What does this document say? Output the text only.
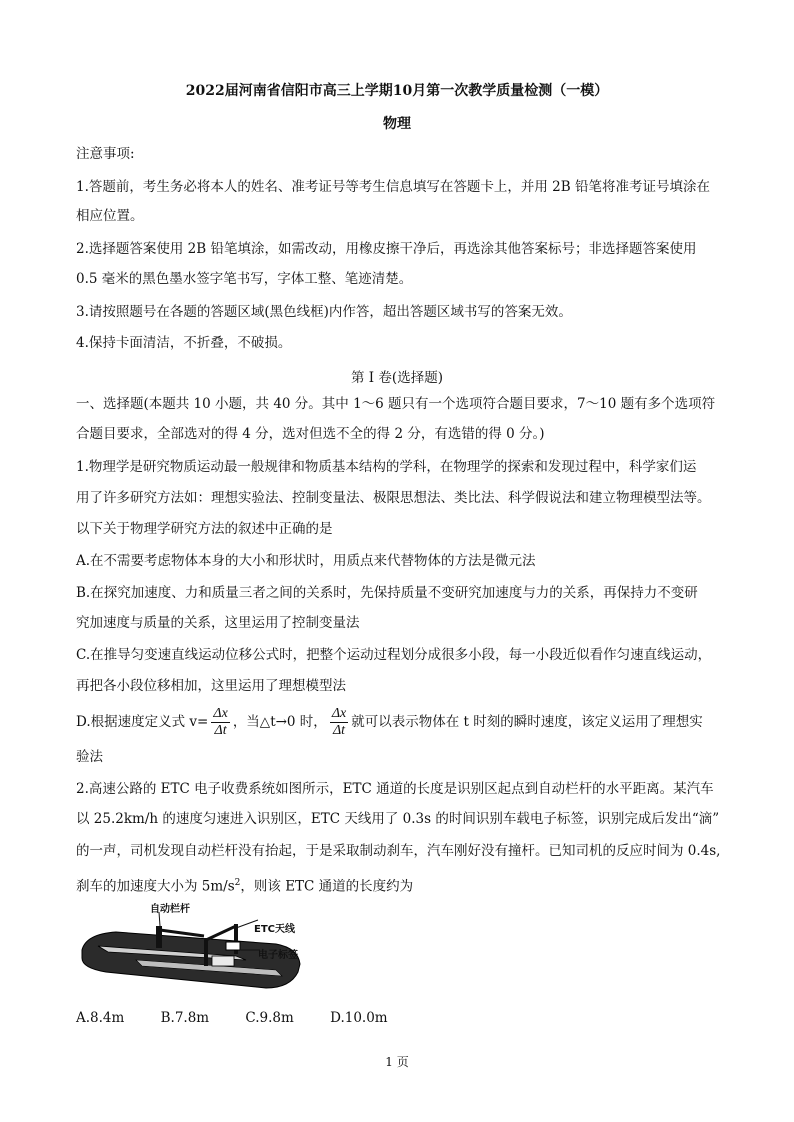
2022届河南省信阳市高三上学期10月第一次教学质量检测（一模）
物理
注意事项:
1.答题前，考生务必将本人的姓名、准考证号等考生信息填写在答题卡上，并用 2B 铅笔将准考证号填涂在
相应位置。
2.选择题答案使用 2B 铅笔填涂，如需改动，用橡皮擦干净后，再选涂其他答案标号；非选择题答案使用
0.5 毫米的黑色墨水签字笔书写，字体工整、笔迹清楚。
3.请按照题号在各题的答题区域(黑色线框)内作答，超出答题区域书写的答案无效。
4.保持卡面清洁，不折叠，不破损。
第 I 卷(选择题)
一、选择题(本题共 10 小题，共 40 分。其中 1～6 题只有一个选项符合题目要求，7～10 题有多个选项符
合题目要求，全部选对的得 4 分，选对但选不全的得 2 分，有选错的得 0 分。)
1.物理学是研究物质运动最一般规律和物质基本结构的学科，在物理学的探索和发现过程中，科学家们运
用了许多研究方法如：理想实验法、控制变量法、极限思想法、类比法、科学假说法和建立物理模型法等。
以下关于物理学研究方法的叙述中正确的是
A.在不需要考虑物体本身的大小和形状时，用质点来代替物体的方法是微元法
B.在探究加速度、力和质量三者之间的关系时，先保持质量不变研究加速度与力的关系，再保持力不变研
究加速度与质量的关系，这里运用了控制变量法
C.在推导匀变速直线运动位移公式时，把整个运动过程划分成很多小段，每一小段近似看作匀速直线运动，
再把各小段位移相加，这里运用了理想模型法
D.根据速度定义式 $v= \frac{\Delta x}{\Delta t}$ ，当△t→0 时， $\frac{\Delta x}{\Delta t}$ 就可以表示物体在 t 时刻的瞬时速度，该定义运用了理想实
验法
2.高速公路的 ETC 电子收费系统如图所示，ETC 通道的长度是识别区起点到自动栏杆的水平距离。某汽车
以 25.2km/h 的速度匀速进入识别区，ETC 天线用了 0.3s 的时间识别车载电子标签，识别完成后发出“滴”
的一声，司机发现自动栏杆没有抬起，于是采取制动刹车，汽车刚好没有撞杆。已知司机的反应时间为 0.4s,
刹车的加速度大小为 $5m/s^2$，则该 ETC 通道的长度约为
自动栏杆
ETC天线
电子标签
A.8.4m	B.7.8m	C.9.8m	D.10.0m
1 页
